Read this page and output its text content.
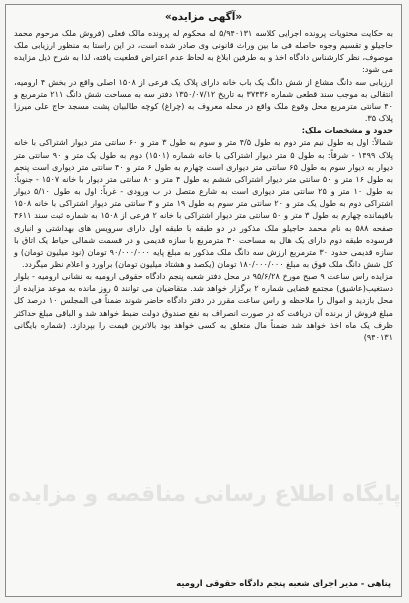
«آگهی مزایده»

به حکایت محتویات پرونده اجرایی کلاسه ۵/۹۴۰۱۳۱ له محکوم له پرونده مالک فعلی (فروش ملک مرحوم محمد حاجیلو و تقسیم وجوه حاصله فی ما بین وراث قانونی وی صادر شده است، در این راستا به منظور ارزیابی ملک موصوف، نظر کارشناس دادگاه اخذ و به طرفین ابلاغ به لحاظ عدم اعتراض قطعیت یافته، لذا به شرح ذیل مزایده می شود:

ارزیابی سه دانگ مشاع از شش دانگ یک باب خانه دارای پلاک یک فرعی از ۱۵۰۸ اصلی واقع در بخش ۴ ارومیه، انتقالی به موجب سند قطعی شماره ۳۷۴۳۶ به تاریخ ۱۳۵۰/۰۷/۱۲ دفتر سه به مساحت شش دانگ ۲۱۱ مترمربع و ۴۰ سانتی مترمربع محل وقوع ملک واقع در محله معروف به (چراغ) کوچه طالبیان پشت مسجد حاج علی میرزا پلاک ۳۵.

حدود و مشخصات ملک:

شمالاً: اول به طول نیم متر دوم به طول ۴/۵ متر و سوم به طول ۳ متر و ۶۰ سانتی متر دیوار اشتراکی با خانه پلاک ۱۴۹۹ - شرقاً: به طول ۵ متر دیوار اشتراکی با خانه شماره (۱۵۰۱) دوم به طول یک متر و ۹۰ سانتی متر دیوار به دیوار سوم به طول ۶۵ سانتی متر دیواری است چهارم به طول ۶ متر و ۴۰ سانتی متر دیواری است پنجم به طول ۱۶ متر و ۵۰ سانتی متر دیوار اشتراکی ششم به طول ۴ متر و ۸۰ سانتی متر دیوار با خانه ۱۵۰۷ - جنوباً: به طول ۱۰ متر و ۲۵ سانتی متر دیواری است به شارع متصل در ب ورودی - غرباً: اول به طول ۵/۱۰ دیوار اشتراکی دوم به طول یک متر و ۲۰ سانتی متر سوم به طول ۱۹ متر و ۳ سانتی متر دیوار اشتراکی با خانه ۱۵۰۸ باقیمانده چهارم به طول ۳ متر و ۵۰ سانتی متر دیوار اشتراکی با خانه ۲ فرعی از ۱۵۰۸ به شماره ثبت سند ۴۶۱۱ صفحه ۵۸۸ به نام محمد حاجیلو ملک مذکور در دو طبقه با طبقه اول دارای سرویس های بهداشتی و انباری قرسوده طبقه دوم دارای یک هال به مساحت ۴۰ مترمربع با سازه قدیمی و در قسمت شمالی حیاط یک اتاق با سازه قدیمی حدود ۳۰ مترمربع ارزش سه دانگ ملک مذکور به مبلغ پایه ۹۰/۰۰۰/۰۰۰ تومان (نود میلیون تومان) و کل شش دانگ ملک فوق به مبلغ ۱۸۰/۰۰۰/۰۰۰ تومان (یکصد و هشتاد میلیون تومان) براورد و اعلام نظر میگردد.

مزایده راس ساعت ۹ صبح مورخ ۹۵/۶/۲۸ در محل دفتر شعبه پنجم دادگاه حقوقی ارومیه به نشانی ارومیه - بلوار دستغیب(عاشیق) مجتمع قضایی شماره ۲ برگزار خواهد شد. متقاضیان می توانند ۵ روز مانده به موعد مزایده از محل بازدید و اموال را ملاحظه و راس ساعت مقرر در دفتر دادگاه حاضر شوند ضمناً فی المجلس ۱۰ درصد کل مبلغ فروش از برنده آن دریافت که در صورت انصراف به نفع صندوق دولت ضبط خواهد شد و الباقی مبلغ حداکثر ظرف یک ماه اخذ خواهد شد ضمناً مال متعلق به کسی خواهد بود بالاترین قیمت را بپردازد. (شماره بایگانی ۹۴۰۱۳۱)

پناهی - مدیر اجرای شعبه پنجم دادگاه حقوقی ارومیه
پایگاه اطلاع رسانی مناقصه و مزایده
